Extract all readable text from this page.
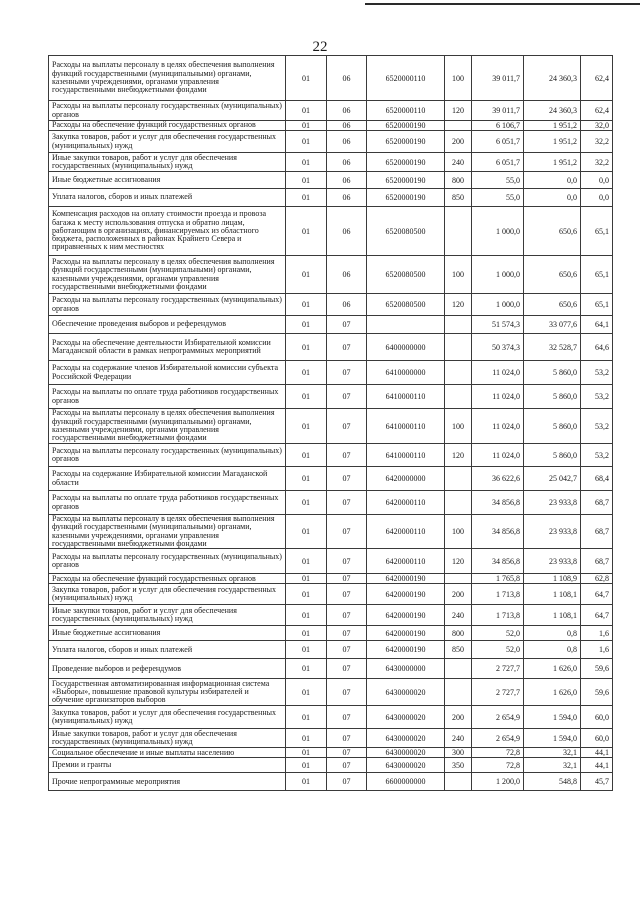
22
Расходы на выплаты персоналу в целях обеспечения выполнения функций государственными (муниципальными) органами, казенными учреждениями, органами управления государственными внебюджетными фондами	01	06	6520000110	100	39 011,7	24 360,3	62,4
Расходы на выплаты персоналу государственных (муниципальных) органов	01	06	6520000110	120	39 011,7	24 360,3	62,4
Расходы на обеспечение функций государственных органов	01	06	6520000190		6 106,7	1 951,2	32,0
Закупка товаров, работ и услуг для обеспечения государственных (муниципальных) нужд	01	06	6520000190	200	6 051,7	1 951,2	32,2
Иные закупки товаров, работ и услуг для обеспечения государственных (муниципальных) нужд	01	06	6520000190	240	6 051,7	1 951,2	32,2
Иные бюджетные ассигнования	01	06	6520000190	800	55,0	0,0	0,0
Уплата налогов, сборов и иных платежей	01	06	6520000190	850	55,0	0,0	0,0
Компенсация расходов на оплату стоимости проезда и провоза багажа к месту использования отпуска и обратно лицам, работающим в организациях, финансируемых из областного бюджета, расположенных в районах Крайнего Севера и приравненных к ним местностях	01	06	6520080500		1 000,0	650,6	65,1
Расходы на выплаты персоналу в целях обеспечения выполнения функций государственными (муниципальными) органами, казенными учреждениями, органами управления государственными внебюджетными фондами	01	06	6520080500	100	1 000,0	650,6	65,1
Расходы на выплаты персоналу государственных (муниципальных) органов	01	06	6520080500	120	1 000,0	650,6	65,1
Обеспечение проведения выборов и референдумов	01	07			51 574,3	33 077,6	64,1
Расходы на обеспечение деятельности Избирательной комиссии Магаданской области в рамках непрограммных мероприятий	01	07	6400000000		50 374,3	32 528,7	64,6
Расходы на содержание членов Избирательной комиссии субъекта Российской Федерации	01	07	6410000000		11 024,0	5 860,0	53,2
Расходы на выплаты по оплате труда работников государственных органов	01	07	6410000110		11 024,0	5 860,0	53,2
Расходы на выплаты персоналу в целях обеспечения выполнения функций государственными (муниципальными) органами, казенными учреждениями, органами управления государственными внебюджетными фондами	01	07	6410000110	100	11 024,0	5 860,0	53,2
Расходы на выплаты персоналу государственных (муниципальных) органов	01	07	6410000110	120	11 024,0	5 860,0	53,2
Расходы на содержание Избирательной комиссии Магаданской области	01	07	6420000000		36 622,6	25 042,7	68,4
Расходы на выплаты по оплате труда работников государственных органов	01	07	6420000110		34 856,8	23 933,8	68,7
Расходы на выплаты персоналу в целях обеспечения выполнения функций государственными (муниципальными) органами, казенными учреждениями, органами управления государственными внебюджетными фондами	01	07	6420000110	100	34 856,8	23 933,8	68,7
Расходы на выплаты персоналу государственных (муниципальных) органов	01	07	6420000110	120	34 856,8	23 933,8	68,7
Расходы на обеспечение функций государственных органов	01	07	6420000190		1 765,8	1 108,9	62,8
Закупка товаров, работ и услуг для обеспечения государственных (муниципальных) нужд	01	07	6420000190	200	1 713,8	1 108,1	64,7
Иные закупки товаров, работ и услуг для обеспечения государственных (муниципальных) нужд	01	07	6420000190	240	1 713,8	1 108,1	64,7
Иные бюджетные ассигнования	01	07	6420000190	800	52,0	0,8	1,6
Уплата налогов, сборов и иных платежей	01	07	6420000190	850	52,0	0,8	1,6
Проведение выборов и референдумов	01	07	6430000000		2 727,7	1 626,0	59,6
Государственная автоматизированная информационная система «Выборы», повышение правовой культуры избирателей и обучение организаторов выборов	01	07	6430000020		2 727,7	1 626,0	59,6
Закупка товаров, работ и услуг для обеспечения государственных (муниципальных) нужд	01	07	6430000020	200	2 654,9	1 594,0	60,0
Иные закупки товаров, работ и услуг для обеспечения государственных (муниципальных) нужд	01	07	6430000020	240	2 654,9	1 594,0	60,0
Социальное обеспечение и иные выплаты населению	01	07	6430000020	300	72,8	32,1	44,1
Премии и гранты	01	07	6430000020	350	72,8	32,1	44,1
Прочие непрограммные мероприятия	01	07	6600000000		1 200,0	548,8	45,7
